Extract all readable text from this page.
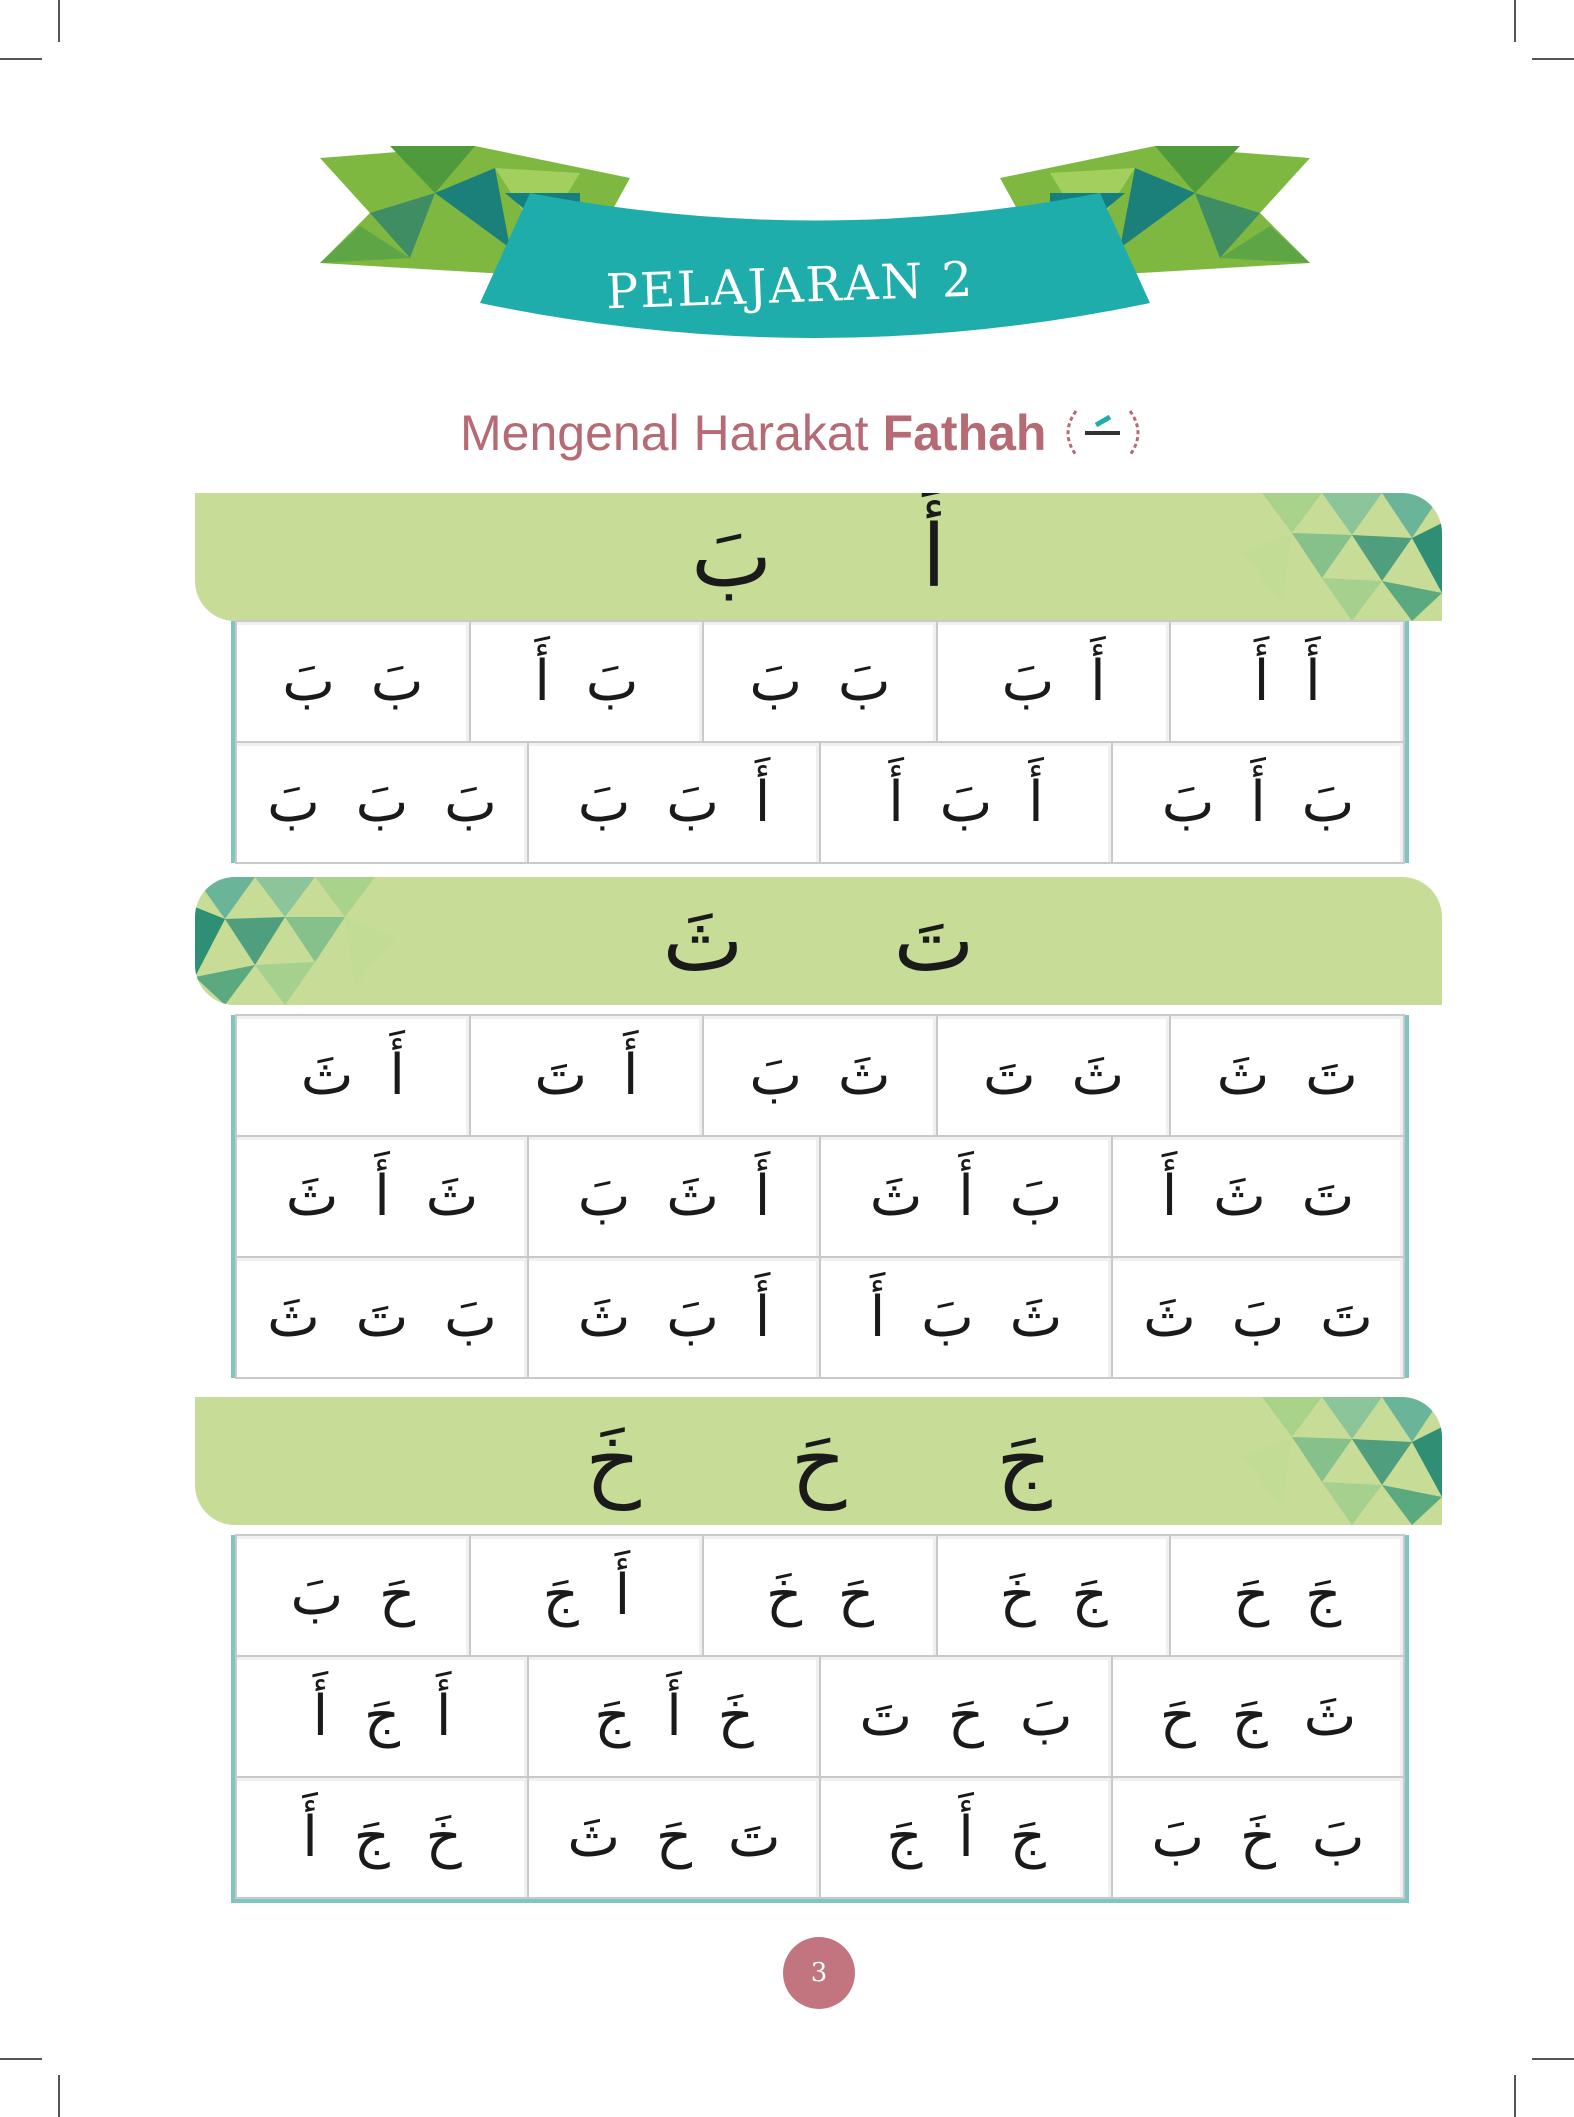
PELAJARAN 2
Mengenal Harakat Fathah
أَ
بَ
أَ أَ
أَ بَ
بَ بَ
بَ أَ
بَ بَ
بَ أَ بَ
أَ بَ أَ
أَ بَ بَ
بَ بَ بَ
تَ
ثَ
تَ ثَ
ثَ تَ
ثَ بَ
أَ تَ
أَ ثَ
تَ ثَ أَ
بَ أَ ثَ
أَ ثَ بَ
ثَ أَ ثَ
تَ بَ ثَ
ثَ بَ أَ
أَ بَ ثَ
بَ تَ ثَ
جَ
حَ
خَ
جَ حَ
جَ خَ
حَ خَ
أَ جَ
حَ بَ
ثَ جَ حَ
بَ حَ تَ
خَ أَ جَ
أَ جَ أَ
بَ خَ بَ
جَ أَ جَ
تَ حَ ثَ
خَ جَ أَ
3
